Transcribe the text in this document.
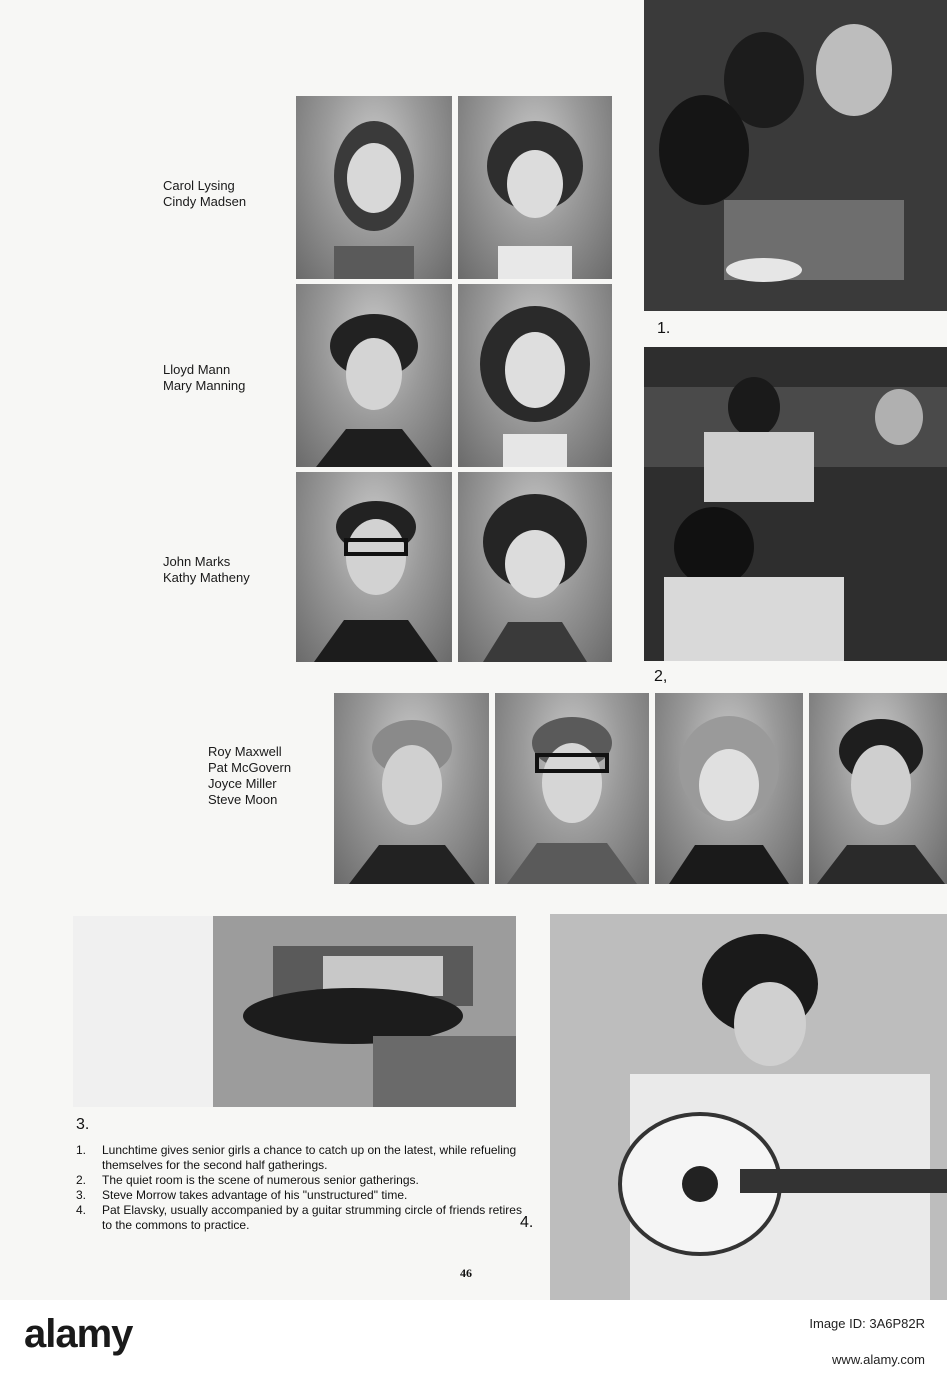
Carol Lysing
Cindy Madsen
Lloyd Mann
Mary Manning
John Marks
Kathy Matheny
Roy Maxwell
Pat McGovern
Joyce Miller
Steve Moon
1.
2,
3.
4.
1.	Lunchtime gives senior girls a chance to catch up on the latest, while refueling themselves for the second half gatherings.
2.	The quiet room is the scene of numerous senior gatherings.
3.	Steve Morrow takes advantage of his "unstructured" time.
4.	Pat Elavsky, usually accompanied by a guitar strumming circle of friends retires to the commons to practice.
46
alamy	Image ID: 3A6P82R
www.alamy.com
